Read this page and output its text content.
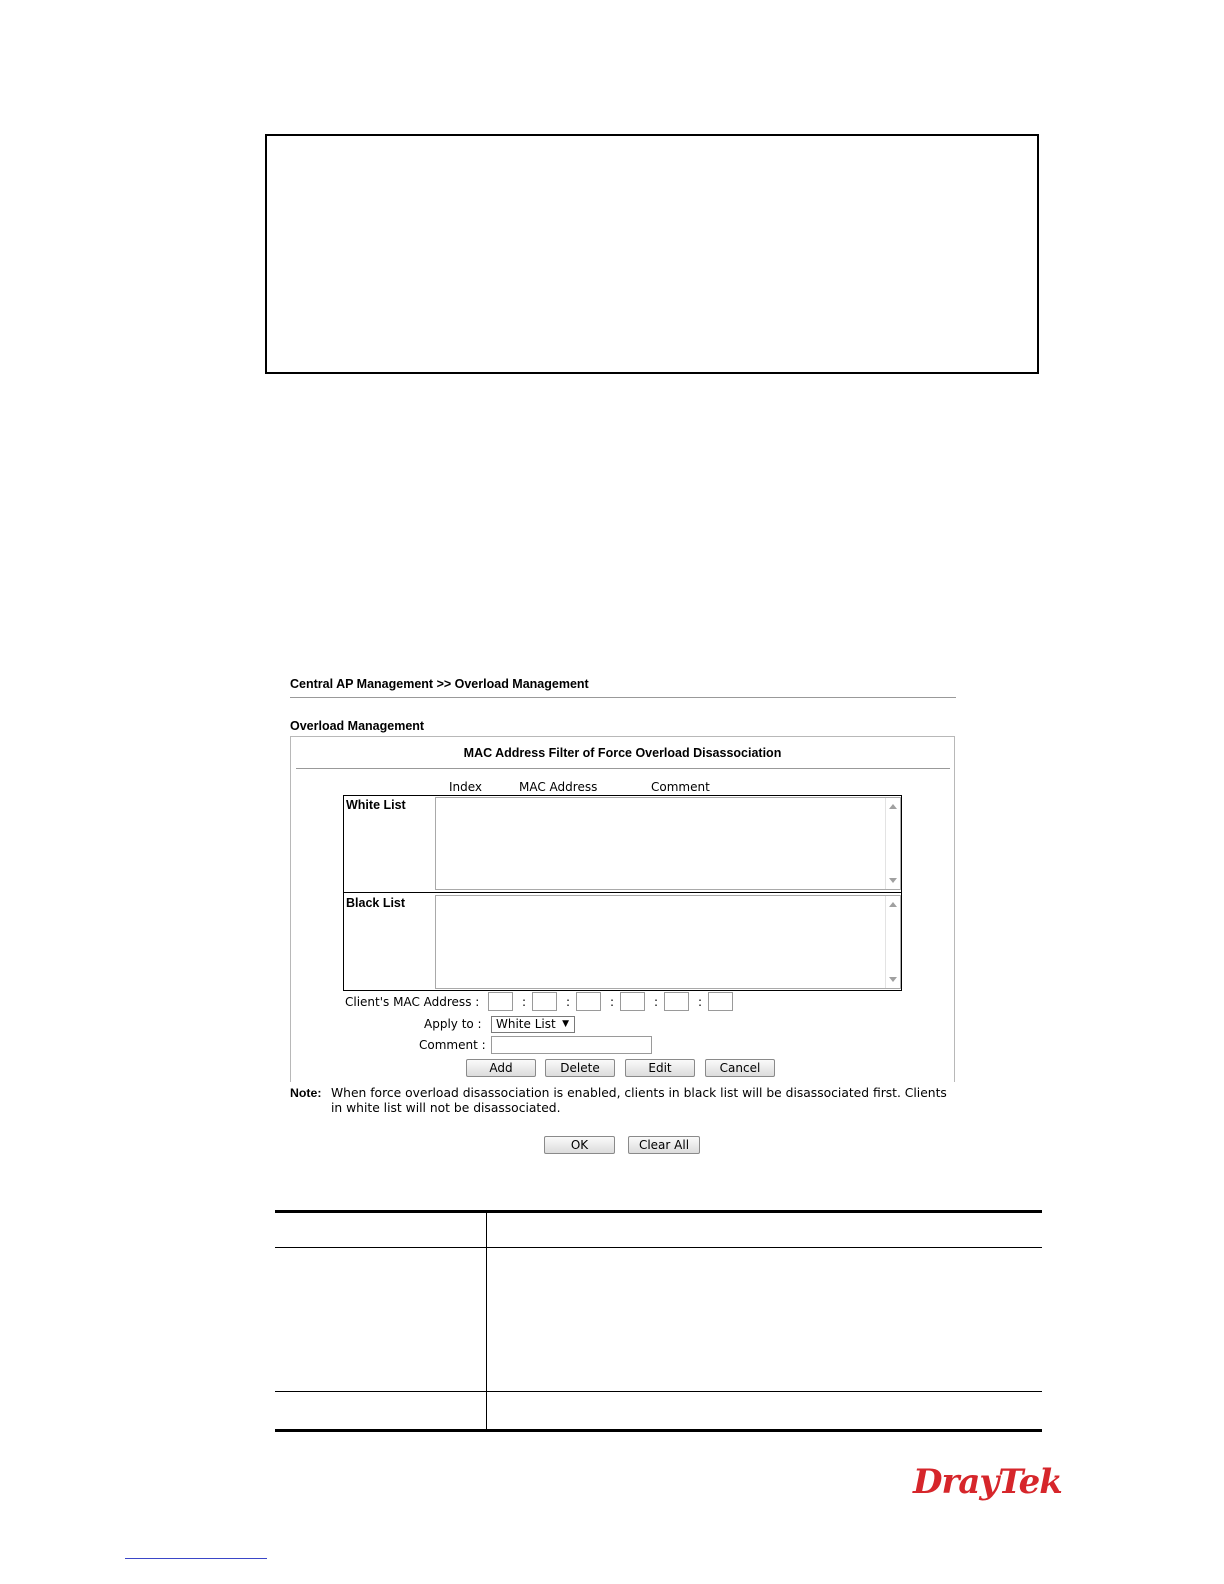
Central AP Management >> Overload Management
Overload Management
MAC Address Filter of Force Overload Disassociation
Index	MAC Address	Comment
White List
Black List
Client's MAC Address :	:	:	:	:	:
Apply to :	White List ▼
Comment :
Add	Delete	Edit	Cancel
Note: When force overload disassociation is enabled, clients in black list will be disassociated first. Clients in white list will not be disassociated.
OK	Clear All
DrayTek
